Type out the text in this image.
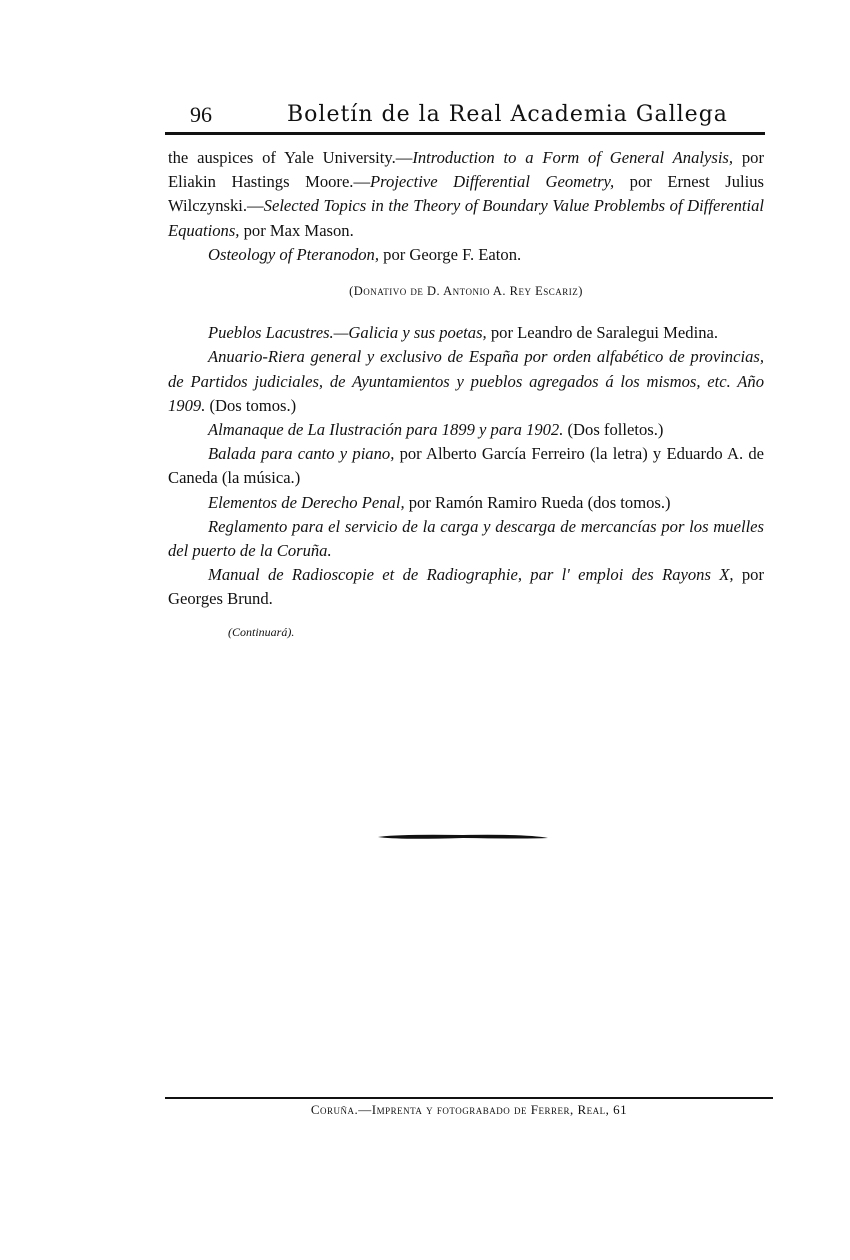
96	Boletín de la Real Academia Gallega

the auspices of Yale University.—Introduction to a Form of General Analysis, por Eliakin Hastings Moore.—Projective Differential Geometry, por Ernest Julius Wilczynski.—Selected Topics in the Theory of Boundary Value Problembs of Differential Equations, por Max Mason.

Osteology of Pteranodon, por George F. Eaton.

(Donativo de D. Antonio A. Rey Escariz)

Pueblos Lacustres.—Galicia y sus poetas, por Leandro de Saralegui Medina.

Anuario-Riera general y exclusivo de España por orden alfabético de provincias, de Partidos judiciales, de Ayuntamientos y pueblos agregados á los mismos, etc. Año 1909. (Dos tomos.)

Almanaque de La Ilustración para 1899 y para 1902. (Dos folletos.)

Balada para canto y piano, por Alberto García Ferreiro (la letra) y Eduardo A. de Caneda (la música.)

Elementos de Derecho Penal, por Ramón Ramiro Rueda (dos tomos.)

Reglamento para el servicio de la carga y descarga de mercancías por los muelles del puerto de la Coruña.

Manual de Radioscopie et de Radiographie, par l' emploi des Rayons X, por Georges Brund.

(Continuará).

Coruña.—Imprenta y fotograbado de Ferrer, Real, 61
